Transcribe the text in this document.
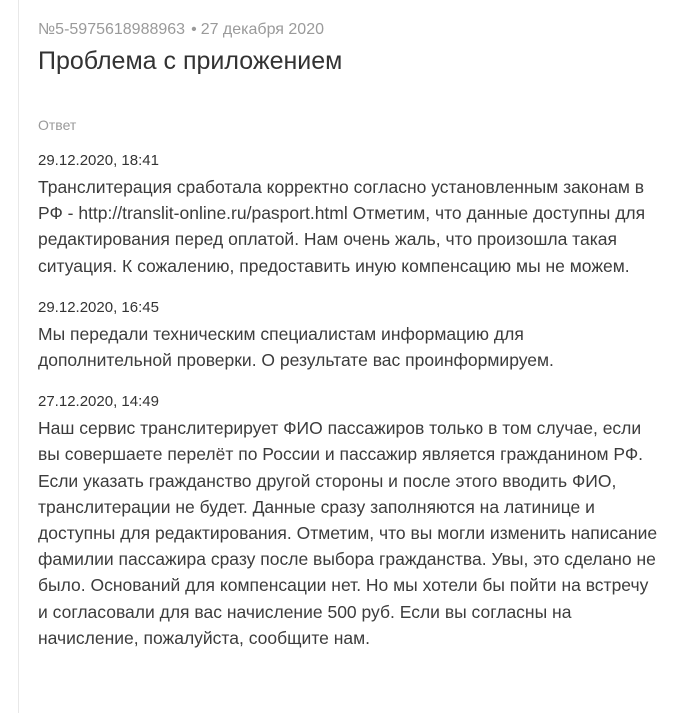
№5-5975618988963 • 27 декабря 2020
Проблема с приложением
Ответ
29.12.2020, 18:41
Транслитерация сработала корректно согласно установленным законам в РФ - http://translit-online.ru/pasport.html Отметим, что данные доступны для редактирования перед оплатой. Нам очень жаль, что произошла такая ситуация. К сожалению, предоставить иную компенсацию мы не можем.
29.12.2020, 16:45
Мы передали техническим специалистам информацию для дополнительной проверки. О результате вас проинформируем.
27.12.2020, 14:49
Наш сервис транслитерирует ФИО пассажиров только в том случае, если вы совершаете перелёт по России и пассажир является гражданином РФ. Если указать гражданство другой стороны и после этого вводить ФИО, транслитерации не будет. Данные сразу заполняются на латинице и доступны для редактирования. Отметим, что вы могли изменить написание фамилии пассажира сразу после выбора гражданства. Увы, это сделано не было. Оснований для компенсации нет. Но мы хотели бы пойти на встречу и согласовали для вас начисление 500 руб. Если вы согласны на начисление, пожалуйста, сообщите нам.
